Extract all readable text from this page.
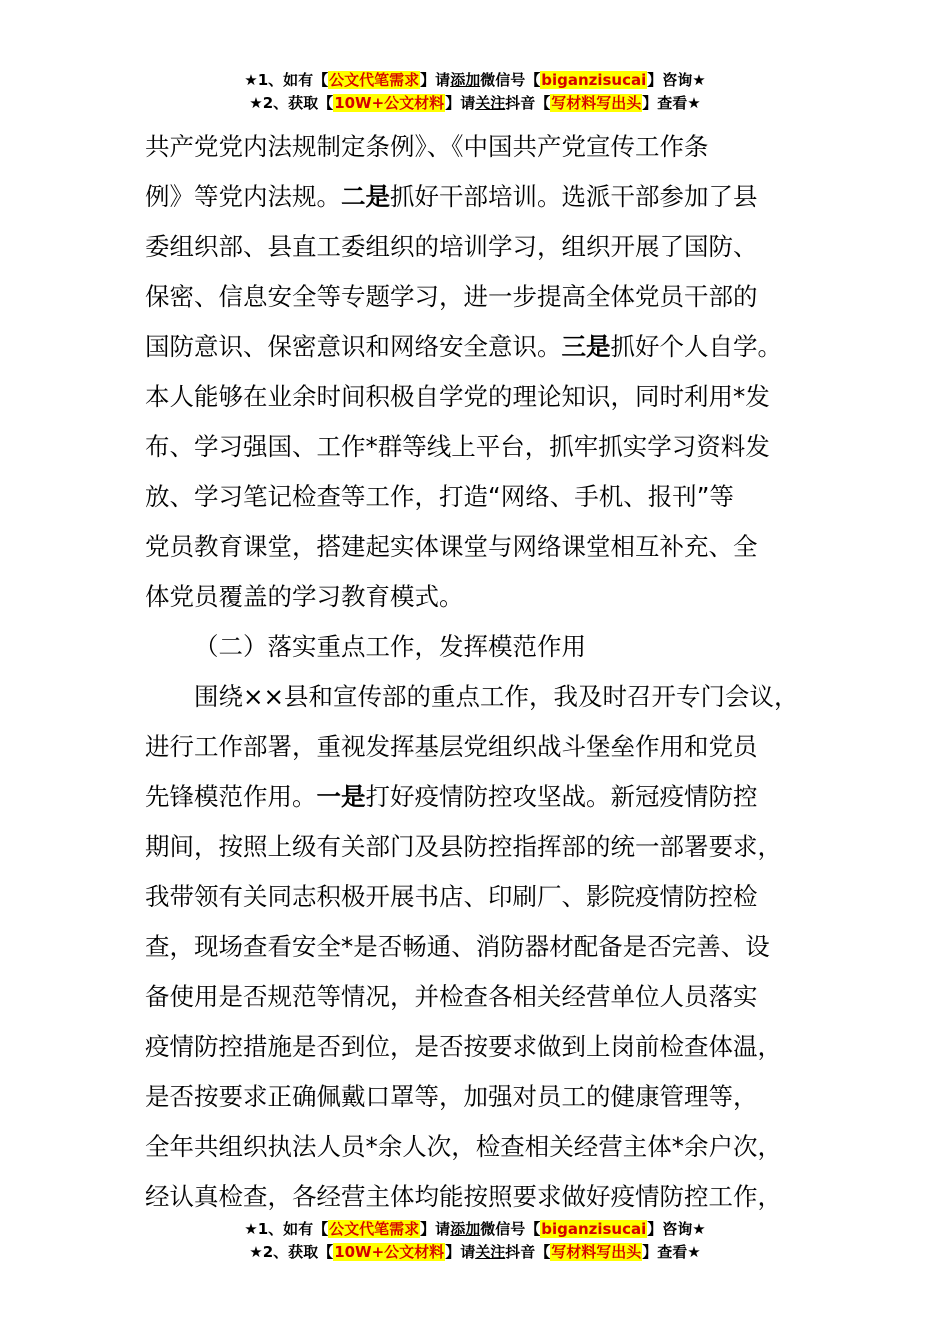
★1、如有【公文代笔需求】请添加微信号【biganzisucai】咨询★
★2、获取【10W+公文材料】请关注抖音【写材料写出头】查看★
共产党党内法规制定条例》、《中国共产党宣传工作条
例》等党内法规。二是抓好干部培训。选派干部参加了县
委组织部、县直工委组织的培训学习，组织开展了国防、
保密、信息安全等专题学习，进一步提高全体党员干部的
国防意识、保密意识和网络安全意识。三是抓好个人自学。
本人能够在业余时间积极自学党的理论知识，同时利用*发
布、学习强国、工作*群等线上平台，抓牢抓实学习资料发
放、学习笔记检查等工作，打造“网络、手机、报刊”等
党员教育课堂，搭建起实体课堂与网络课堂相互补充、全
体党员覆盖的学习教育模式。
（二）落实重点工作，发挥模范作用
围绕××县和宣传部的重点工作，我及时召开专门会议，
进行工作部署，重视发挥基层党组织战斗堡垒作用和党员
先锋模范作用。一是打好疫情防控攻坚战。新冠疫情防控
期间，按照上级有关部门及县防控指挥部的统一部署要求，
我带领有关同志积极开展书店、印刷厂、影院疫情防控检
查，现场查看安全*是否畅通、消防器材配备是否完善、设
备使用是否规范等情况，并检查各相关经营单位人员落实
疫情防控措施是否到位，是否按要求做到上岗前检查体温，
是否按要求正确佩戴口罩等，加强对员工的健康管理等，
全年共组织执法人员*余人次，检查相关经营主体*余户次，
经认真检查，各经营主体均能按照要求做好疫情防控工作，
★1、如有【公文代笔需求】请添加微信号【biganzisucai】咨询★
★2、获取【10W+公文材料】请关注抖音【写材料写出头】查看★
